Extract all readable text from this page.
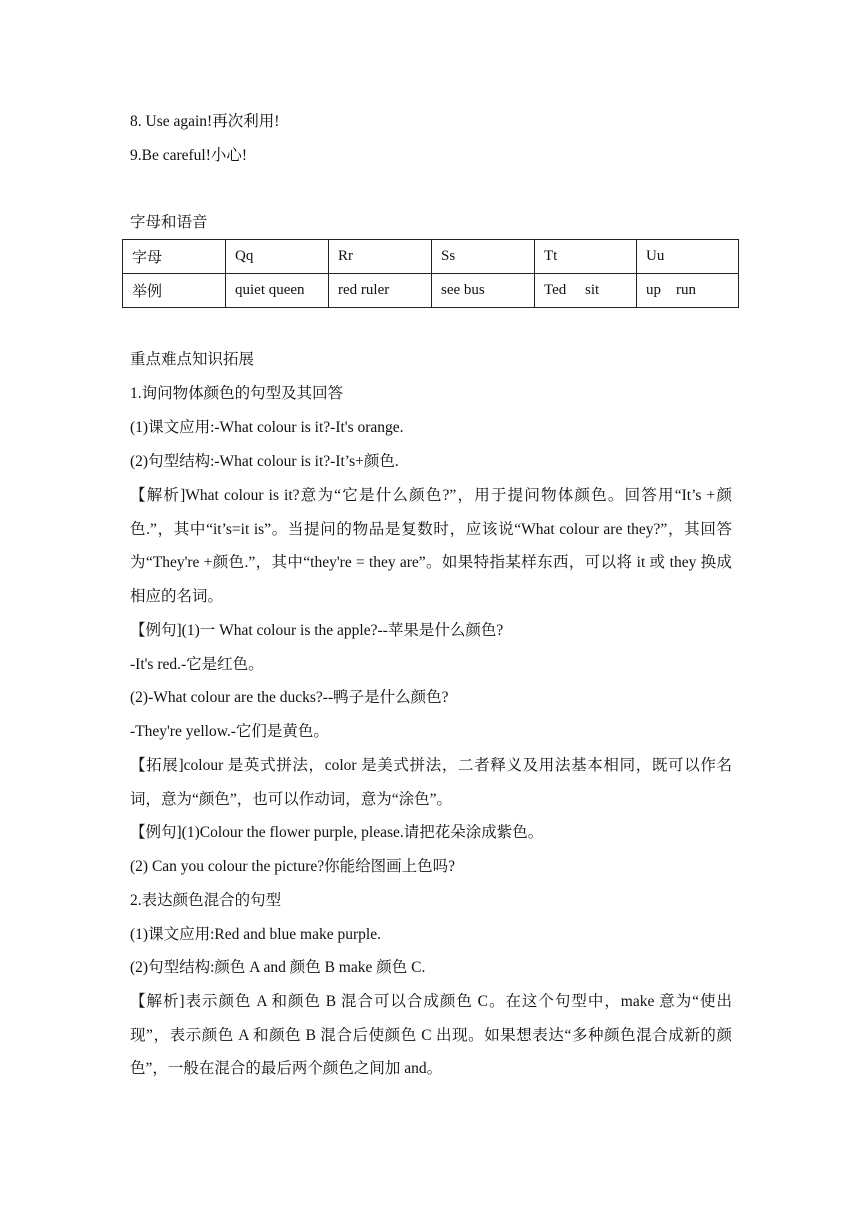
8. Use again!再次利用!
9.Be careful!小心!
字母和语音
字母	Qq	Rr	Ss	Tt	Uu
举例	quiet queen	red ruler	see bus	Ted     sit	up    run
重点难点知识拓展
1.询问物体颜色的句型及其回答
(1)课文应用:-What colour is it?-It's orange.
(2)句型结构:-What colour is it?-It’s+颜色.
【解析]What colour is it?意为“它是什么颜色?”，用于提问物体颜色。回答用“It’s +颜色.”，其中“it’s=it is”。当提问的物品是复数时，应该说“What colour are they?”，其回答为“They're +颜色.”，其中“they're = they are”。如果特指某样东西，可以将 it 或 they 换成相应的名词。
【例句](1)一 What colour is the apple?--苹果是什么颜色?
-It's red.-它是红色。
(2)-What colour are the ducks?--鸭子是什么颜色?
-They're yellow.-它们是黄色。
【拓展]colour 是英式拼法，color 是美式拼法，二者释义及用法基本相同，既可以作名词，意为“颜色”，也可以作动词，意为“涂色”。
【例句](1)Colour the flower purple, please.请把花朵涂成紫色。
(2) Can you colour the picture?你能给图画上色吗?
2.表达颜色混合的句型
(1)课文应用:Red and blue make purple.
(2)句型结构:颜色 A and 颜色 B make 颜色 C.
【解析]表示颜色 A 和颜色 B 混合可以合成颜色 C。在这个句型中，make 意为“使出现”，表示颜色 A 和颜色 B 混合后使颜色 C 出现。如果想表达“多种颜色混合成新的颜色”，一般在混合的最后两个颜色之间加 and。
